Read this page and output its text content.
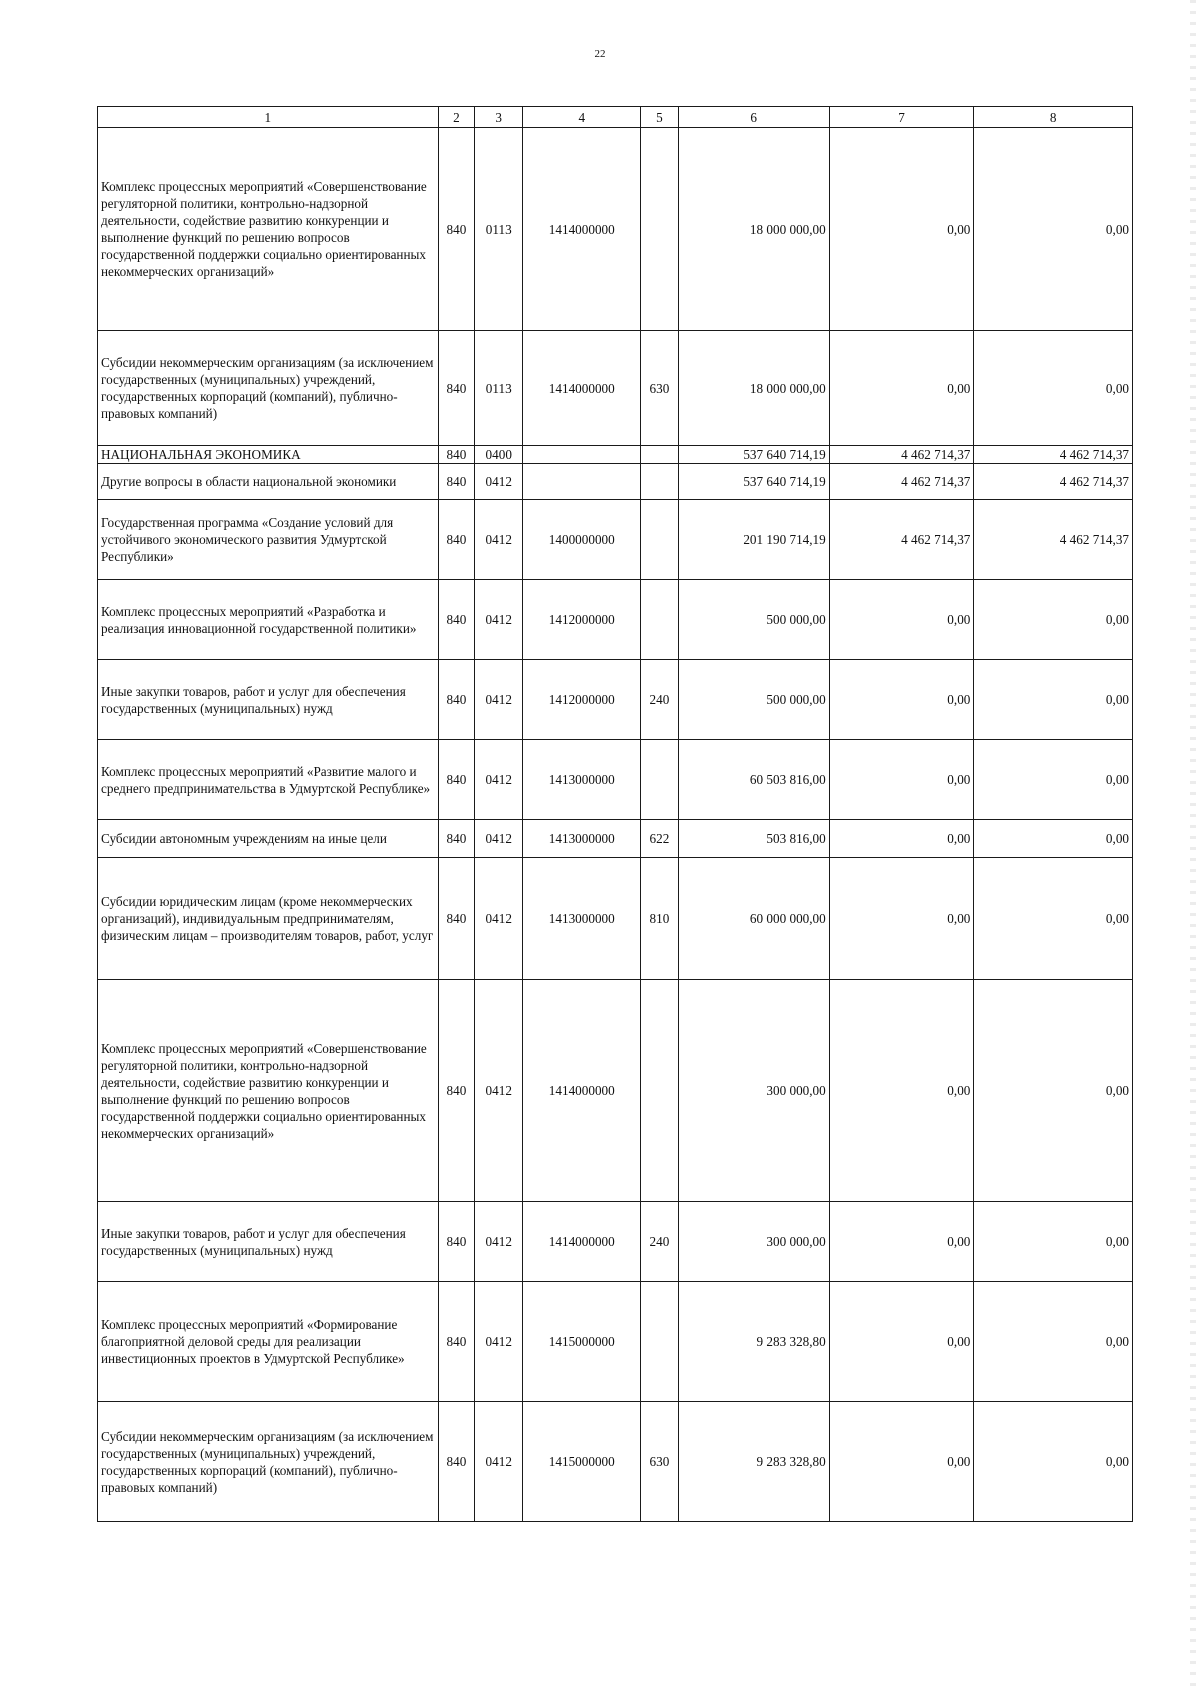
22
1	2	3	4	5	6	7	8
Комплекс процессных мероприятий «Совершенствование регуляторной политики, контрольно-надзорной деятельности, содействие развитию конкуренции и выполнение функций по решению вопросов государственной поддержки социально ориентированных некоммерческих организаций»	840	0113	1414000000		18 000 000,00	0,00	0,00
Субсидии некоммерческим организациям (за исключением государственных (муниципальных) учреждений, государственных корпораций (компаний), публично-правовых компаний)	840	0113	1414000000	630	18 000 000,00	0,00	0,00
НАЦИОНАЛЬНАЯ ЭКОНОМИКА	840	0400			537 640 714,19	4 462 714,37	4 462 714,37
Другие вопросы в области национальной экономики	840	0412			537 640 714,19	4 462 714,37	4 462 714,37
Государственная программа «Создание условий для устойчивого экономического развития Удмуртской Республики»	840	0412	1400000000		201 190 714,19	4 462 714,37	4 462 714,37
Комплекс процессных мероприятий «Разработка и реализация инновационной государственной политики»	840	0412	1412000000		500 000,00	0,00	0,00
Иные закупки товаров, работ и услуг для обеспечения государственных (муниципальных) нужд	840	0412	1412000000	240	500 000,00	0,00	0,00
Комплекс процессных мероприятий «Развитие малого и среднего предпринимательства в Удмуртской Республике»	840	0412	1413000000		60 503 816,00	0,00	0,00
Субсидии автономным учреждениям на иные цели	840	0412	1413000000	622	503 816,00	0,00	0,00
Субсидии юридическим лицам (кроме некоммерческих организаций), индивидуальным предпринимателям, физическим лицам – производителям товаров, работ, услуг	840	0412	1413000000	810	60 000 000,00	0,00	0,00
Комплекс процессных мероприятий «Совершенствование регуляторной политики, контрольно-надзорной деятельности, содействие развитию конкуренции и выполнение функций по решению вопросов государственной поддержки социально ориентированных некоммерческих организаций»	840	0412	1414000000		300 000,00	0,00	0,00
Иные закупки товаров, работ и услуг для обеспечения государственных (муниципальных) нужд	840	0412	1414000000	240	300 000,00	0,00	0,00
Комплекс процессных мероприятий «Формирование благоприятной деловой среды для реализации инвестиционных проектов в Удмуртской Республике»	840	0412	1415000000		9 283 328,80	0,00	0,00
Субсидии некоммерческим организациям (за исключением государственных (муниципальных) учреждений, государственных корпораций (компаний), публично-правовых компаний)	840	0412	1415000000	630	9 283 328,80	0,00	0,00
